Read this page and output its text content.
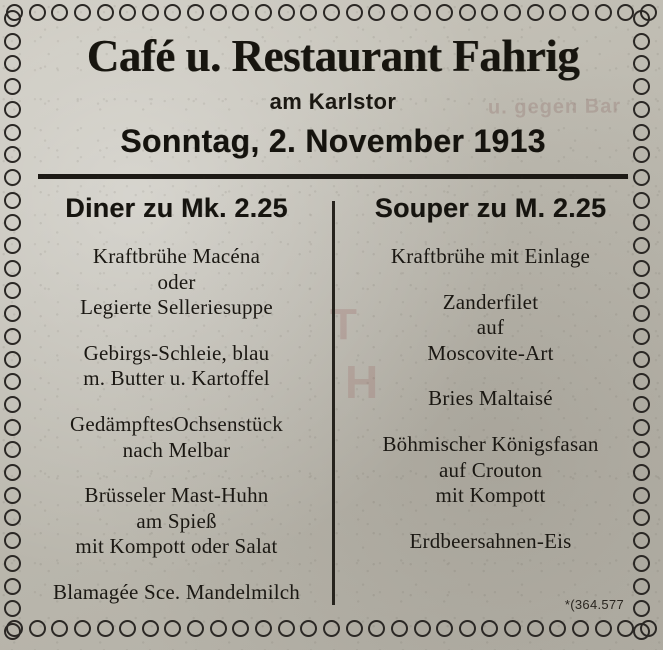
u. gegen Bar
T
H
Café u. Restaurant Fahrig
am Karlstor
Sonntag, 2. November 1913
Diner zu Mk. 2.25
Kraftbrühe Macéna
oder
Legierte Selleriesuppe
Gebirgs-Schleie, blau
m. Butter u. Kartoffel
GedämpftesOchsenstück
nach Melbar
Brüsseler Mast-Huhn
am Spieß
mit Kompott oder Salat
Blamagée Sce. Mandelmilch
Souper zu M. 2.25
Kraftbrühe mit Einlage
Zanderfilet
auf
Moscovite-Art
Bries Maltaisé
Böhmischer Königsfasan
auf Crouton
mit Kompott
Erdbeersahnen-Eis
*(364.577
